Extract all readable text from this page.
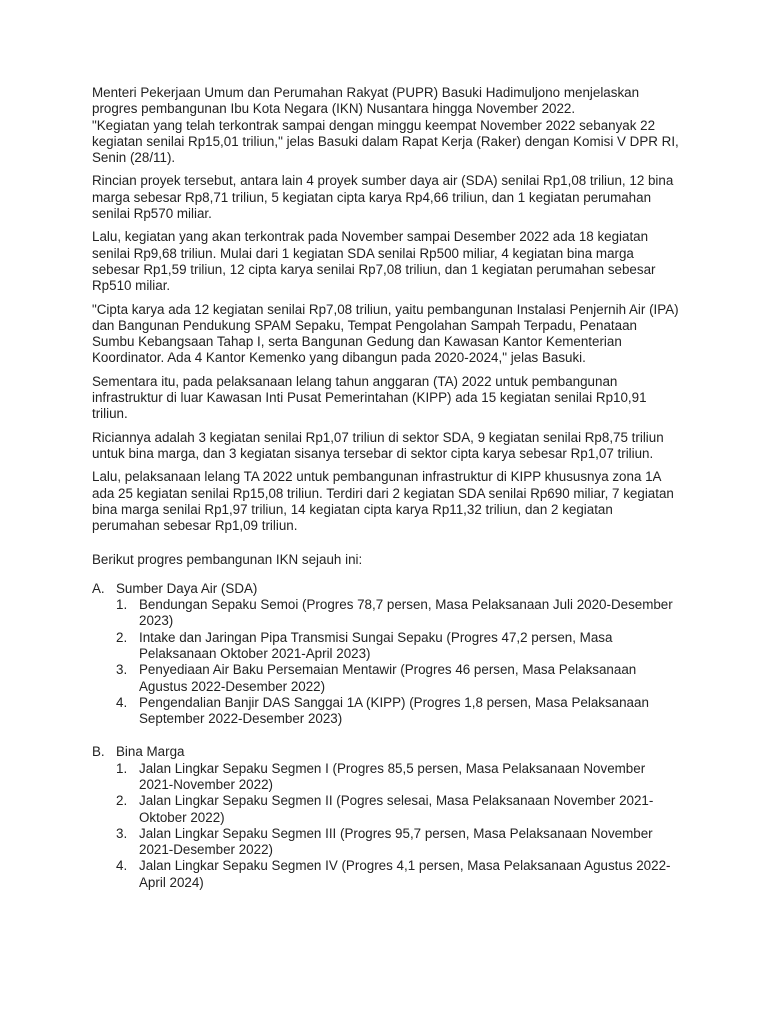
Menteri Pekerjaan Umum dan Perumahan Rakyat (PUPR) Basuki Hadimuljono menjelaskan progres pembangunan Ibu Kota Negara (IKN) Nusantara hingga November 2022.

"Kegiatan yang telah terkontrak sampai dengan minggu keempat November 2022 sebanyak 22 kegiatan senilai Rp15,01 triliun," jelas Basuki dalam Rapat Kerja (Raker) dengan Komisi V DPR RI, Senin (28/11).

Rincian proyek tersebut, antara lain 4 proyek sumber daya air (SDA) senilai Rp1,08 triliun, 12 bina marga sebesar Rp8,71 triliun, 5 kegiatan cipta karya Rp4,66 triliun, dan 1 kegiatan perumahan senilai Rp570 miliar.

Lalu, kegiatan yang akan terkontrak pada November sampai Desember 2022 ada 18 kegiatan senilai Rp9,68 triliun. Mulai dari 1 kegiatan SDA senilai Rp500 miliar, 4 kegiatan bina marga sebesar Rp1,59 triliun, 12 cipta karya senilai Rp7,08 triliun, dan 1 kegiatan perumahan sebesar Rp510 miliar.

"Cipta karya ada 12 kegiatan senilai Rp7,08 triliun, yaitu pembangunan Instalasi Penjernih Air (IPA) dan Bangunan Pendukung SPAM Sepaku, Tempat Pengolahan Sampah Terpadu, Penataan Sumbu Kebangsaan Tahap I, serta Bangunan Gedung dan Kawasan Kantor Kementerian Koordinator. Ada 4 Kantor Kemenko yang dibangun pada 2020-2024," jelas Basuki.

Sementara itu, pada pelaksanaan lelang tahun anggaran (TA) 2022 untuk pembangunan infrastruktur di luar Kawasan Inti Pusat Pemerintahan (KIPP) ada 15 kegiatan senilai Rp10,91 triliun.

Riciannya adalah 3 kegiatan senilai Rp1,07 triliun di sektor SDA, 9 kegiatan senilai Rp8,75 triliun untuk bina marga, dan 3 kegiatan sisanya tersebar di sektor cipta karya sebesar Rp1,07 triliun.

Lalu, pelaksanaan lelang TA 2022 untuk pembangunan infrastruktur di KIPP khususnya zona 1A ada 25 kegiatan senilai Rp15,08 triliun. Terdiri dari 2 kegiatan SDA senilai Rp690 miliar, 7 kegiatan bina marga senilai Rp1,97 triliun, 14 kegiatan cipta karya Rp11,32 triliun, dan 2 kegiatan perumahan sebesar Rp1,09 triliun.

Berikut progres pembangunan IKN sejauh ini:

A. Sumber Daya Air (SDA)
1. Bendungan Sepaku Semoi (Progres 78,7 persen, Masa Pelaksanaan Juli 2020-Desember 2023)
2. Intake dan Jaringan Pipa Transmisi Sungai Sepaku (Progres 47,2 persen, Masa Pelaksanaan Oktober 2021-April 2023)
3. Penyediaan Air Baku Persemaian Mentawir (Progres 46 persen, Masa Pelaksanaan Agustus 2022-Desember 2022)
4. Pengendalian Banjir DAS Sanggai 1A (KIPP) (Progres 1,8 persen, Masa Pelaksanaan September 2022-Desember 2023)
B. Bina Marga
1. Jalan Lingkar Sepaku Segmen I (Progres 85,5 persen, Masa Pelaksanaan November 2021-November 2022)
2. Jalan Lingkar Sepaku Segmen II (Pogres selesai, Masa Pelaksanaan November 2021-Oktober 2022)
3. Jalan Lingkar Sepaku Segmen III (Progres 95,7 persen, Masa Pelaksanaan November 2021-Desember 2022)
4. Jalan Lingkar Sepaku Segmen IV (Progres 4,1 persen, Masa Pelaksanaan Agustus 2022-April 2024)
